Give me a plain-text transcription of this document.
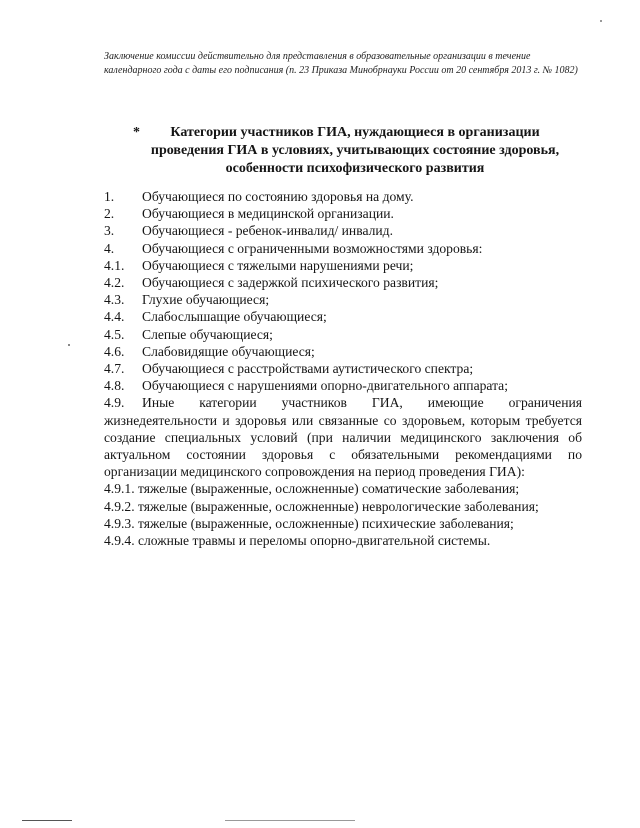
Заключение комиссии действительно для представления в образовательные организации в течение календарного года с даты его подписания (п. 23 Приказа Минобрнауки России от 20 сентября 2013 г. № 1082)
*	Категории участников ГИА, нуждающиеся в организации
проведения ГИА в условиях, учитывающих состояние здоровья,
особенности психофизического развития
1.	Обучающиеся по состоянию здоровья на дому.
2.	Обучающиеся в медицинской организации.
3.	Обучающиеся - ребенок-инвалид/ инвалид.
4.	Обучающиеся с ограниченными возможностями здоровья:
4.1.	Обучающиеся с тяжелыми нарушениями речи;
4.2.	Обучающиеся с задержкой психического развития;
4.3.	Глухие обучающиеся;
4.4.	Слабослышащие обучающиеся;
4.5.	Слепые обучающиеся;
4.6.	Слабовидящие обучающиеся;
4.7.	Обучающиеся с расстройствами аутистического спектра;
4.8.	Обучающиеся с нарушениями опорно-двигательного аппарата;
4.9.	Иные категории участников ГИА, имеющие ограничения
жизнедеятельности и здоровья или связанные со здоровьем, которым требуется создание специальных условий (при наличии медицинского заключения об актуальном состоянии здоровья с обязательными рекомендациями по организации медицинского сопровождения на период проведения ГИА):
4.9.1. тяжелые (выраженные, осложненные) соматические заболевания;
4.9.2. тяжелые (выраженные, осложненные) неврологические заболевания;
4.9.3. тяжелые (выраженные, осложненные) психические заболевания;
4.9.4. сложные травмы и переломы опорно-двигательной системы.
